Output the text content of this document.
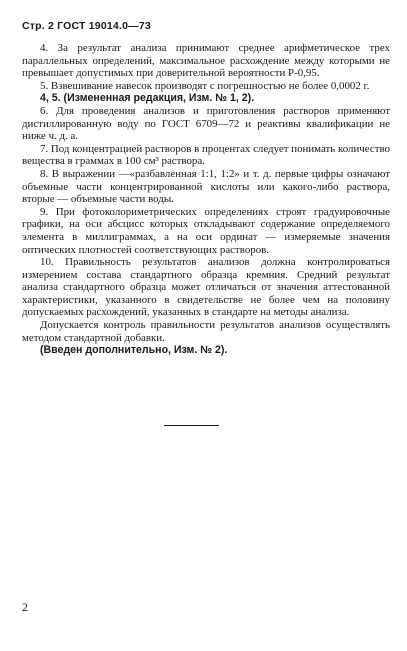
Стр. 2 ГОСТ 19014.0—73

4. За результат анализа принимают среднее арифметическое трех параллельных определений, максимальное расхождение между которыми не превышает допустимых при доверительной вероятности Р-0,95.

5. Взвешивание навесок производят с погрешностью не более 0,0002 г.

4, 5. (Измененная редакция, Изм. № 1, 2).

6. Для проведения анализов и приготовления растворов применяют дистиллированную воду по ГОСТ 6709—72 и реактивы квалификации не ниже ч. д. а.

7. Под концентрацией растворов в процентах следует понимать количество вещества в граммах в 100 см³ раствора.

8. В выражении —«разбавленная 1:1, 1:2» и т. д. первые цифры означают объемные части концентрированной кислоты или какого-либо раствора, вторые — объемные части воды.

9. При фотоколориметрических определениях строят градуировочные графики, на оси абсцисс которых откладывают содержание определяемого элемента в миллиграммах, а на оси ординат — измеряемые значения оптических плотностей соответствующих растворов.

10. Правильность результатов анализов должна контролироваться измерением состава стандартного образца кремния. Средний результат анализа стандартного образца может отличаться от значения аттестованной характеристики, указанного в свидетельстве не более чем на половину допускаемых расхождений, указанных в стандарте на методы анализа.

Допускается контроль правильности результатов анализов осуществлять методом стандартной добавки.

(Введен дополнительно, Изм. № 2).

2
